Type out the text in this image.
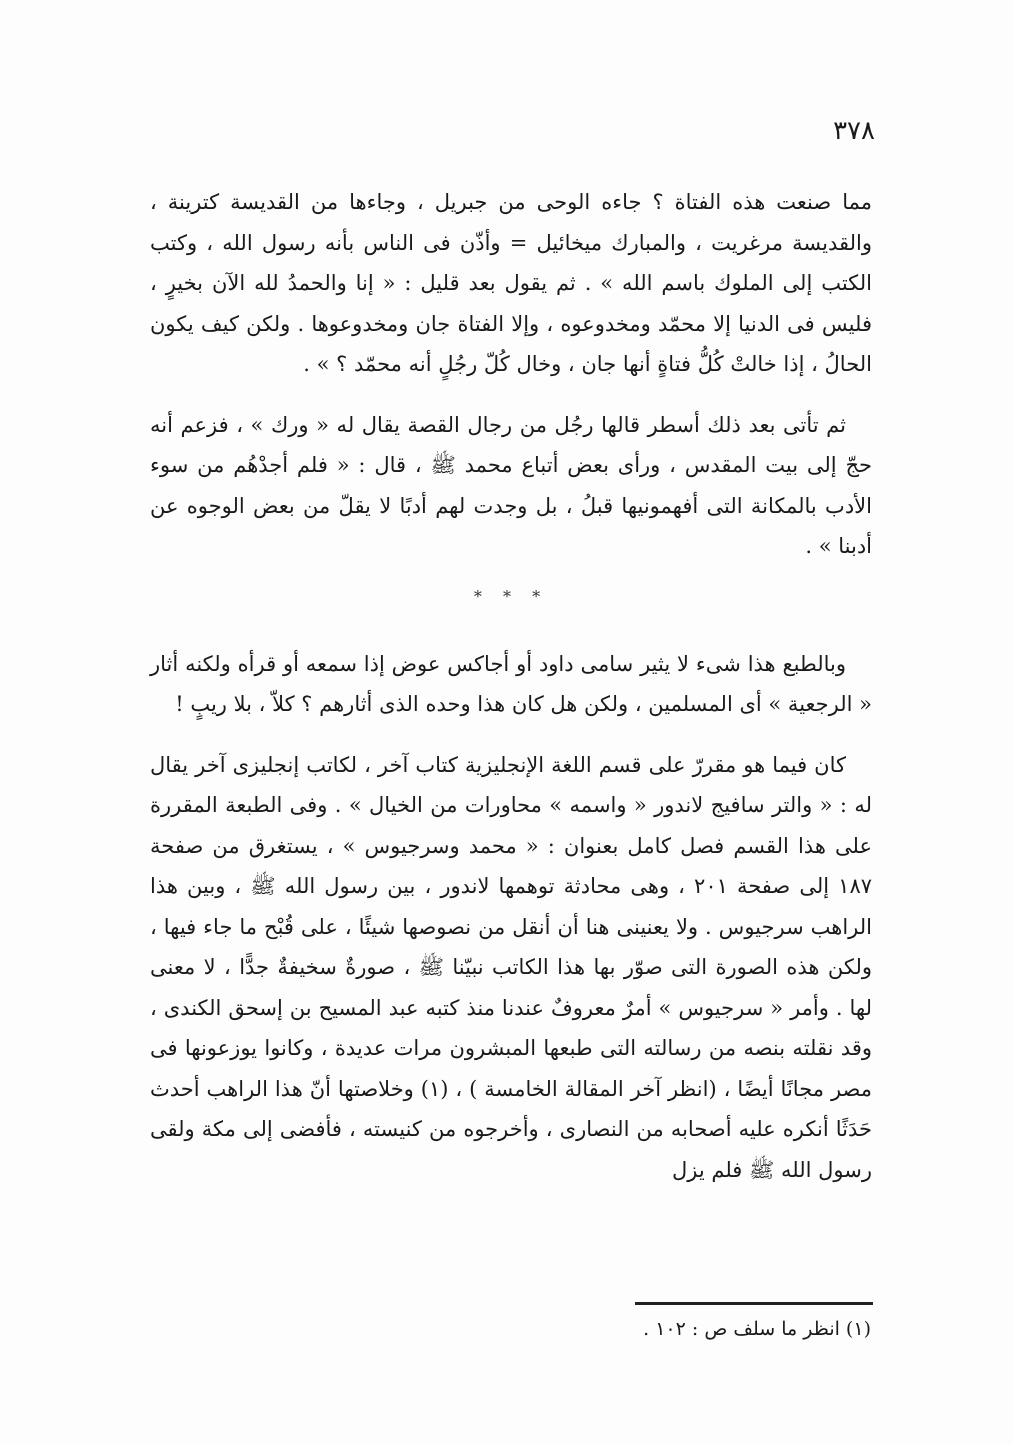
٣٧٨

مما صنعت هذه الفتاة ؟ جاءه الوحى من جبريل ، وجاءها من القديسة كترينة ، والقديسة مرغريت ، والمبارك ميخائيل = وأذّن فى الناس بأنه رسول الله ، وكتب الكتب إلى الملوك باسم الله » . ثم يقول بعد قليل : « إنا والحمدُ لله الآن بخيرٍ ، فليس فى الدنيا إلا محمّد ومخدوعوه ، وإلا الفتاة جان ومخدوعوها . ولكن كيف يكون الحالُ ، إذا خالتْ كُلُّ فتاةٍ أنها جان ، وخال كُلّ رجُلٍ أنه محمّد ؟ » .

ثم تأتى بعد ذلك أسطر قالها رجُل من رجال القصة يقال له « ورك » ، فزعم أنه حجّ إلى بيت المقدس ، ورأى بعض أتباع محمد ﷺ ، قال : « فلم أجدْهُم من سوء الأدب بالمكانة التى أفهمونيها قبلُ ، بل وجدت لهم أدبًا لا يقلّ من بعض الوجوه عن أدبنا » .

* * *

وبالطبع هذا شىء لا يثير سامى داود أو أجاكس عوض إذا سمعه أو قرأه ولكنه أثار « الرجعية » أى المسلمين ، ولكن هل كان هذا وحده الذى أثارهم ؟ كلاّ ، بلا ريبٍ !

كان فيما هو مقررّ على قسم اللغة الإنجليزية كتاب آخر ، لكاتب إنجليزى آخر يقال له : « والتر سافيج لاندور « واسمه » محاورات من الخيال » . وفى الطبعة المقررة على هذا القسم فصل كامل بعنوان : « محمد وسرجيوس » ، يستغرق من صفحة ١٨٧ إلى صفحة ٢٠١ ، وهى محادثة توهمها لاندور ، بين رسول الله ﷺ ، وبين هذا الراهب سرجيوس . ولا يعنينى هنا أن أنقل من نصوصها شيئًا ، على قُبْح ما جاء فيها ، ولكن هذه الصورة التى صوّر بها هذا الكاتب نبيّنا ﷺ ، صورةٌ سخيفةٌ جدًّا ، لا معنى لها . وأمر « سرجيوس » أمرٌ معروفٌ عندنا منذ كتبه عبد المسيح بن إسحق الكندى ، وقد نقلته بنصه من رسالته التى طبعها المبشرون مرات عديدة ، وكانوا يوزعونها فى مصر مجانًا أيضًا ، (انظر آخر المقالة الخامسة ) ، (١) وخلاصتها أنّ هذا الراهب أحدث حَدَثًا أنكره عليه أصحابه من النصارى ، وأخرجوه من كنيسته ، فأفضى إلى مكة ولقى رسول الله ﷺ فلم يزل

(١) انظر ما سلف ص : ١٠٢ .
